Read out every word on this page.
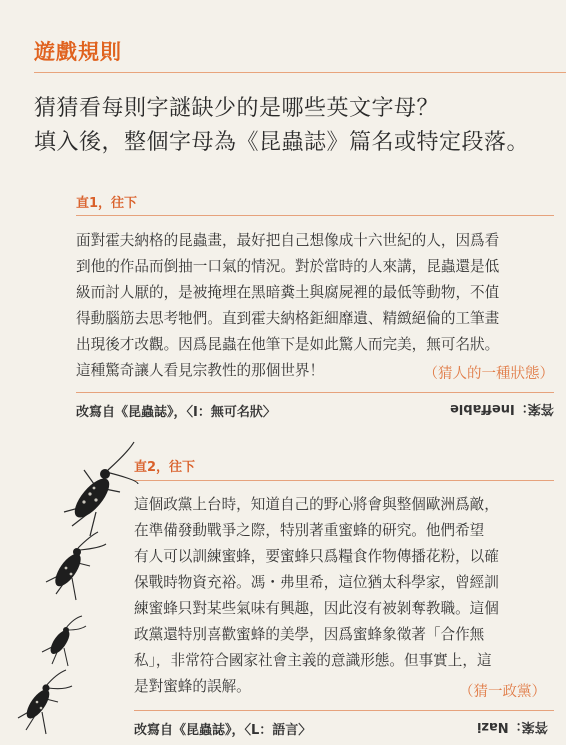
遊戲規則
猜猜看每則字謎缺少的是哪些英文字母？
填入後，整個字母為《昆蟲誌》篇名或特定段落。
直1，往下
面對霍夫納格的昆蟲畫，最好把自己想像成十六世紀的人，因爲看
到他的作品而倒抽一口氣的情況。對於當時的人來講，昆蟲還是低
級而討人厭的，是被掩埋在黑暗糞土與腐屍裡的最低等動物，不值
得動腦筋去思考牠們。直到霍夫納格鉅細靡遺、精緻絕倫的工筆畫
出現後才改觀。因爲昆蟲在他筆下是如此驚人而完美，無可名狀。
這種驚奇讓人看見宗教性的那個世界！	（猜人的一種狀態）
改寫自《昆蟲誌》，〈I：無可名狀〉	答案：Ineffable
直2，往下
這個政黨上台時，知道自己的野心將會與整個歐洲爲敵，
在準備發動戰爭之際，特別著重蜜蜂的研究。他們希望
有人可以訓練蜜蜂，要蜜蜂只爲糧食作物傳播花粉，以確
保戰時物資充裕。馮・弗里希，這位猶太科學家，曾經訓
練蜜蜂只對某些氣味有興趣，因此沒有被剝奪教職。這個
政黨還特別喜歡蜜蜂的美學，因爲蜜蜂象徵著「合作無
私」，非常符合國家社會主義的意識形態。但事實上，這
是對蜜蜂的誤解。	（猜一政黨）
改寫自《昆蟲誌》，〈L：語言〉	答案：Nazi
